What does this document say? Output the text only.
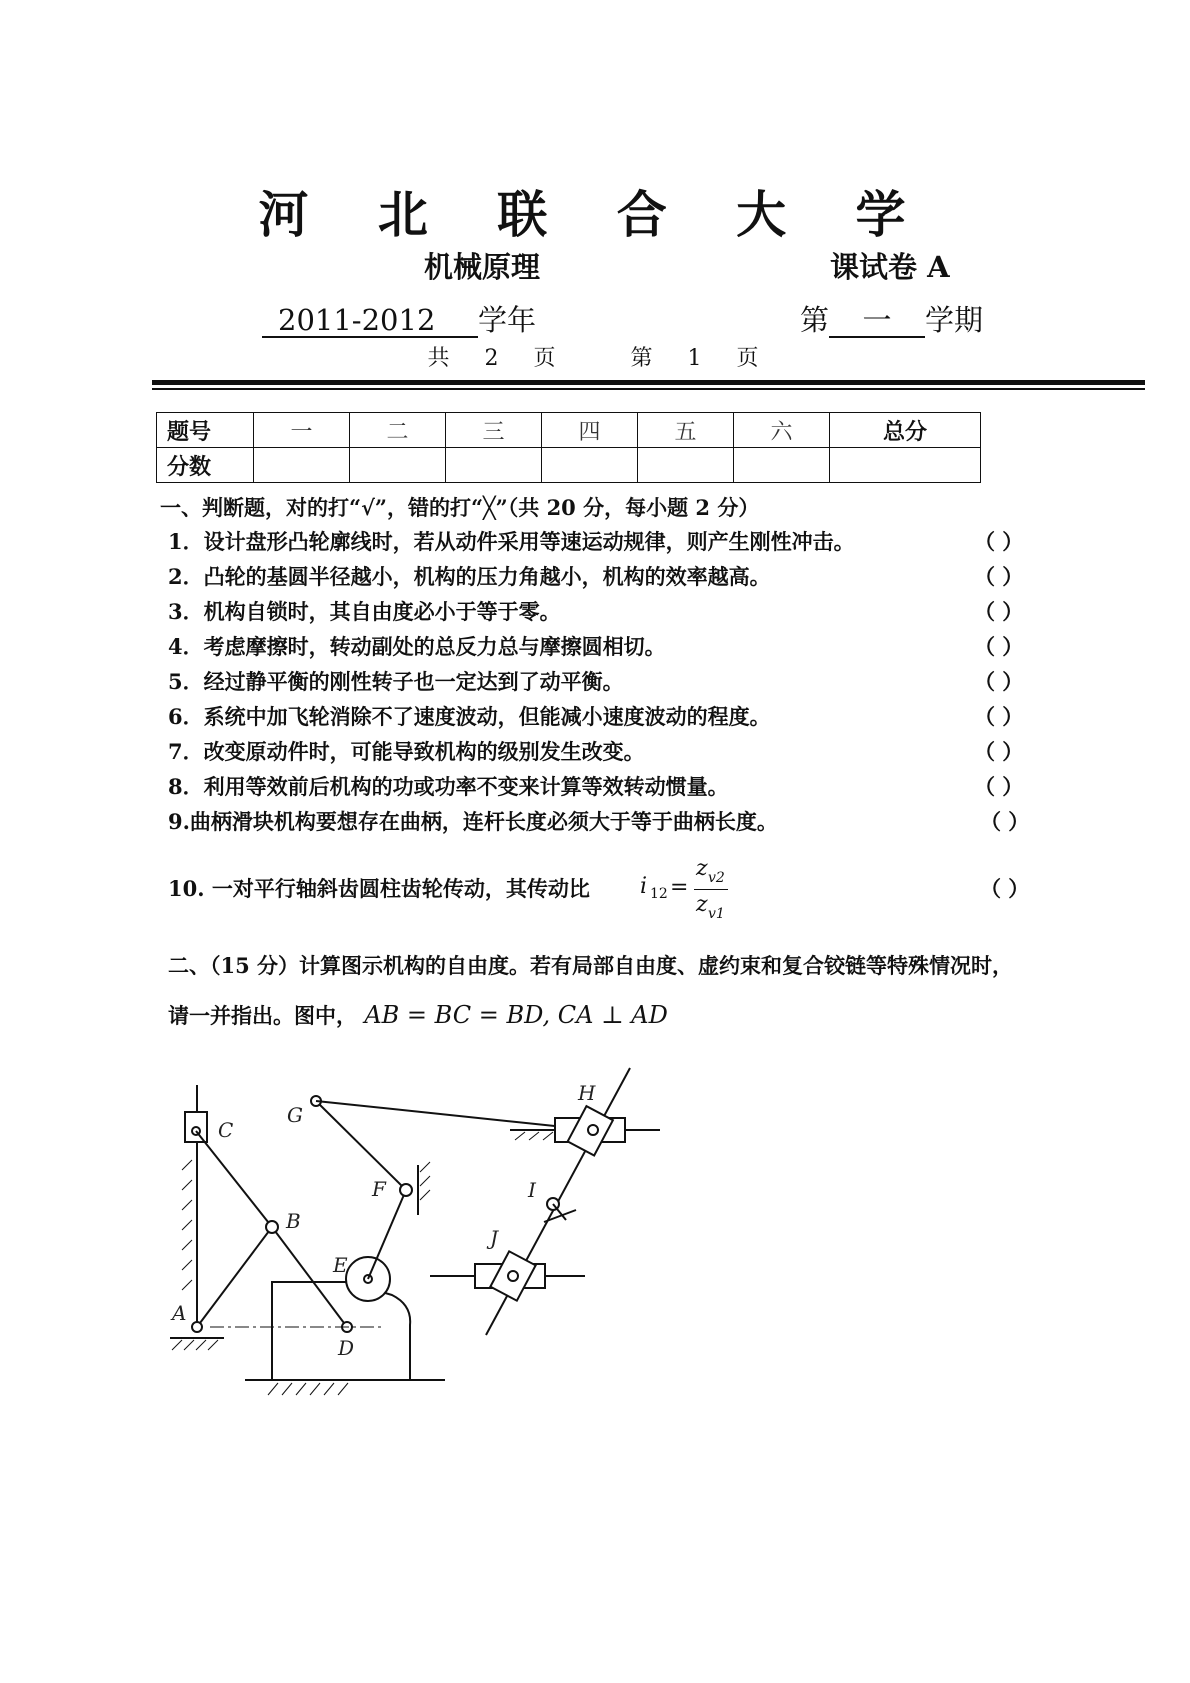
河 北 联 合 大 学
机械原理	课试卷 A
2011-2012 学年	第 一 学期
共 2 页	第 1 页
题号	一	二	三	四	五	六	总分
分数							
一、判断题，对的打“√”，错的打“╳”（共 20 分，每小题 2 分）
1．设计盘形凸轮廓线时，若从动件采用等速运动规律，则产生刚性冲击。
2．凸轮的基圆半径越小，机构的压力角越小，机构的效率越高。
3．机构自锁时，其自由度必小于等于零。
4．考虑摩擦时，转动副处的总反力总与摩擦圆相切。
5．经过静平衡的刚性转子也一定达到了动平衡。
6．系统中加飞轮消除不了速度波动，但能减小速度波动的程度。
7．改变原动件时，可能导致机构的级别发生改变。
8．利用等效前后机构的功或功率不变来计算等效转动惯量。
9.曲柄滑块机构要想存在曲柄，连杆长度必须大于等于曲柄长度。
10. 一对平行轴斜齿圆柱齿轮传动，其传动比
（ ）
（ ）
（ ）
（ ）
（ ）
（ ）
（ ）
（ ）
（ ）
（ ）
i 12 =
z v2
z v1
二、（15 分）计算图示机构的自由度。若有局部自由度、虚约束和复合铰链等特殊情况时，
请一并指出。图中， AB = BC = BD, CA ⊥ AD
C
B
A
D
E
F
G
H
I
J
